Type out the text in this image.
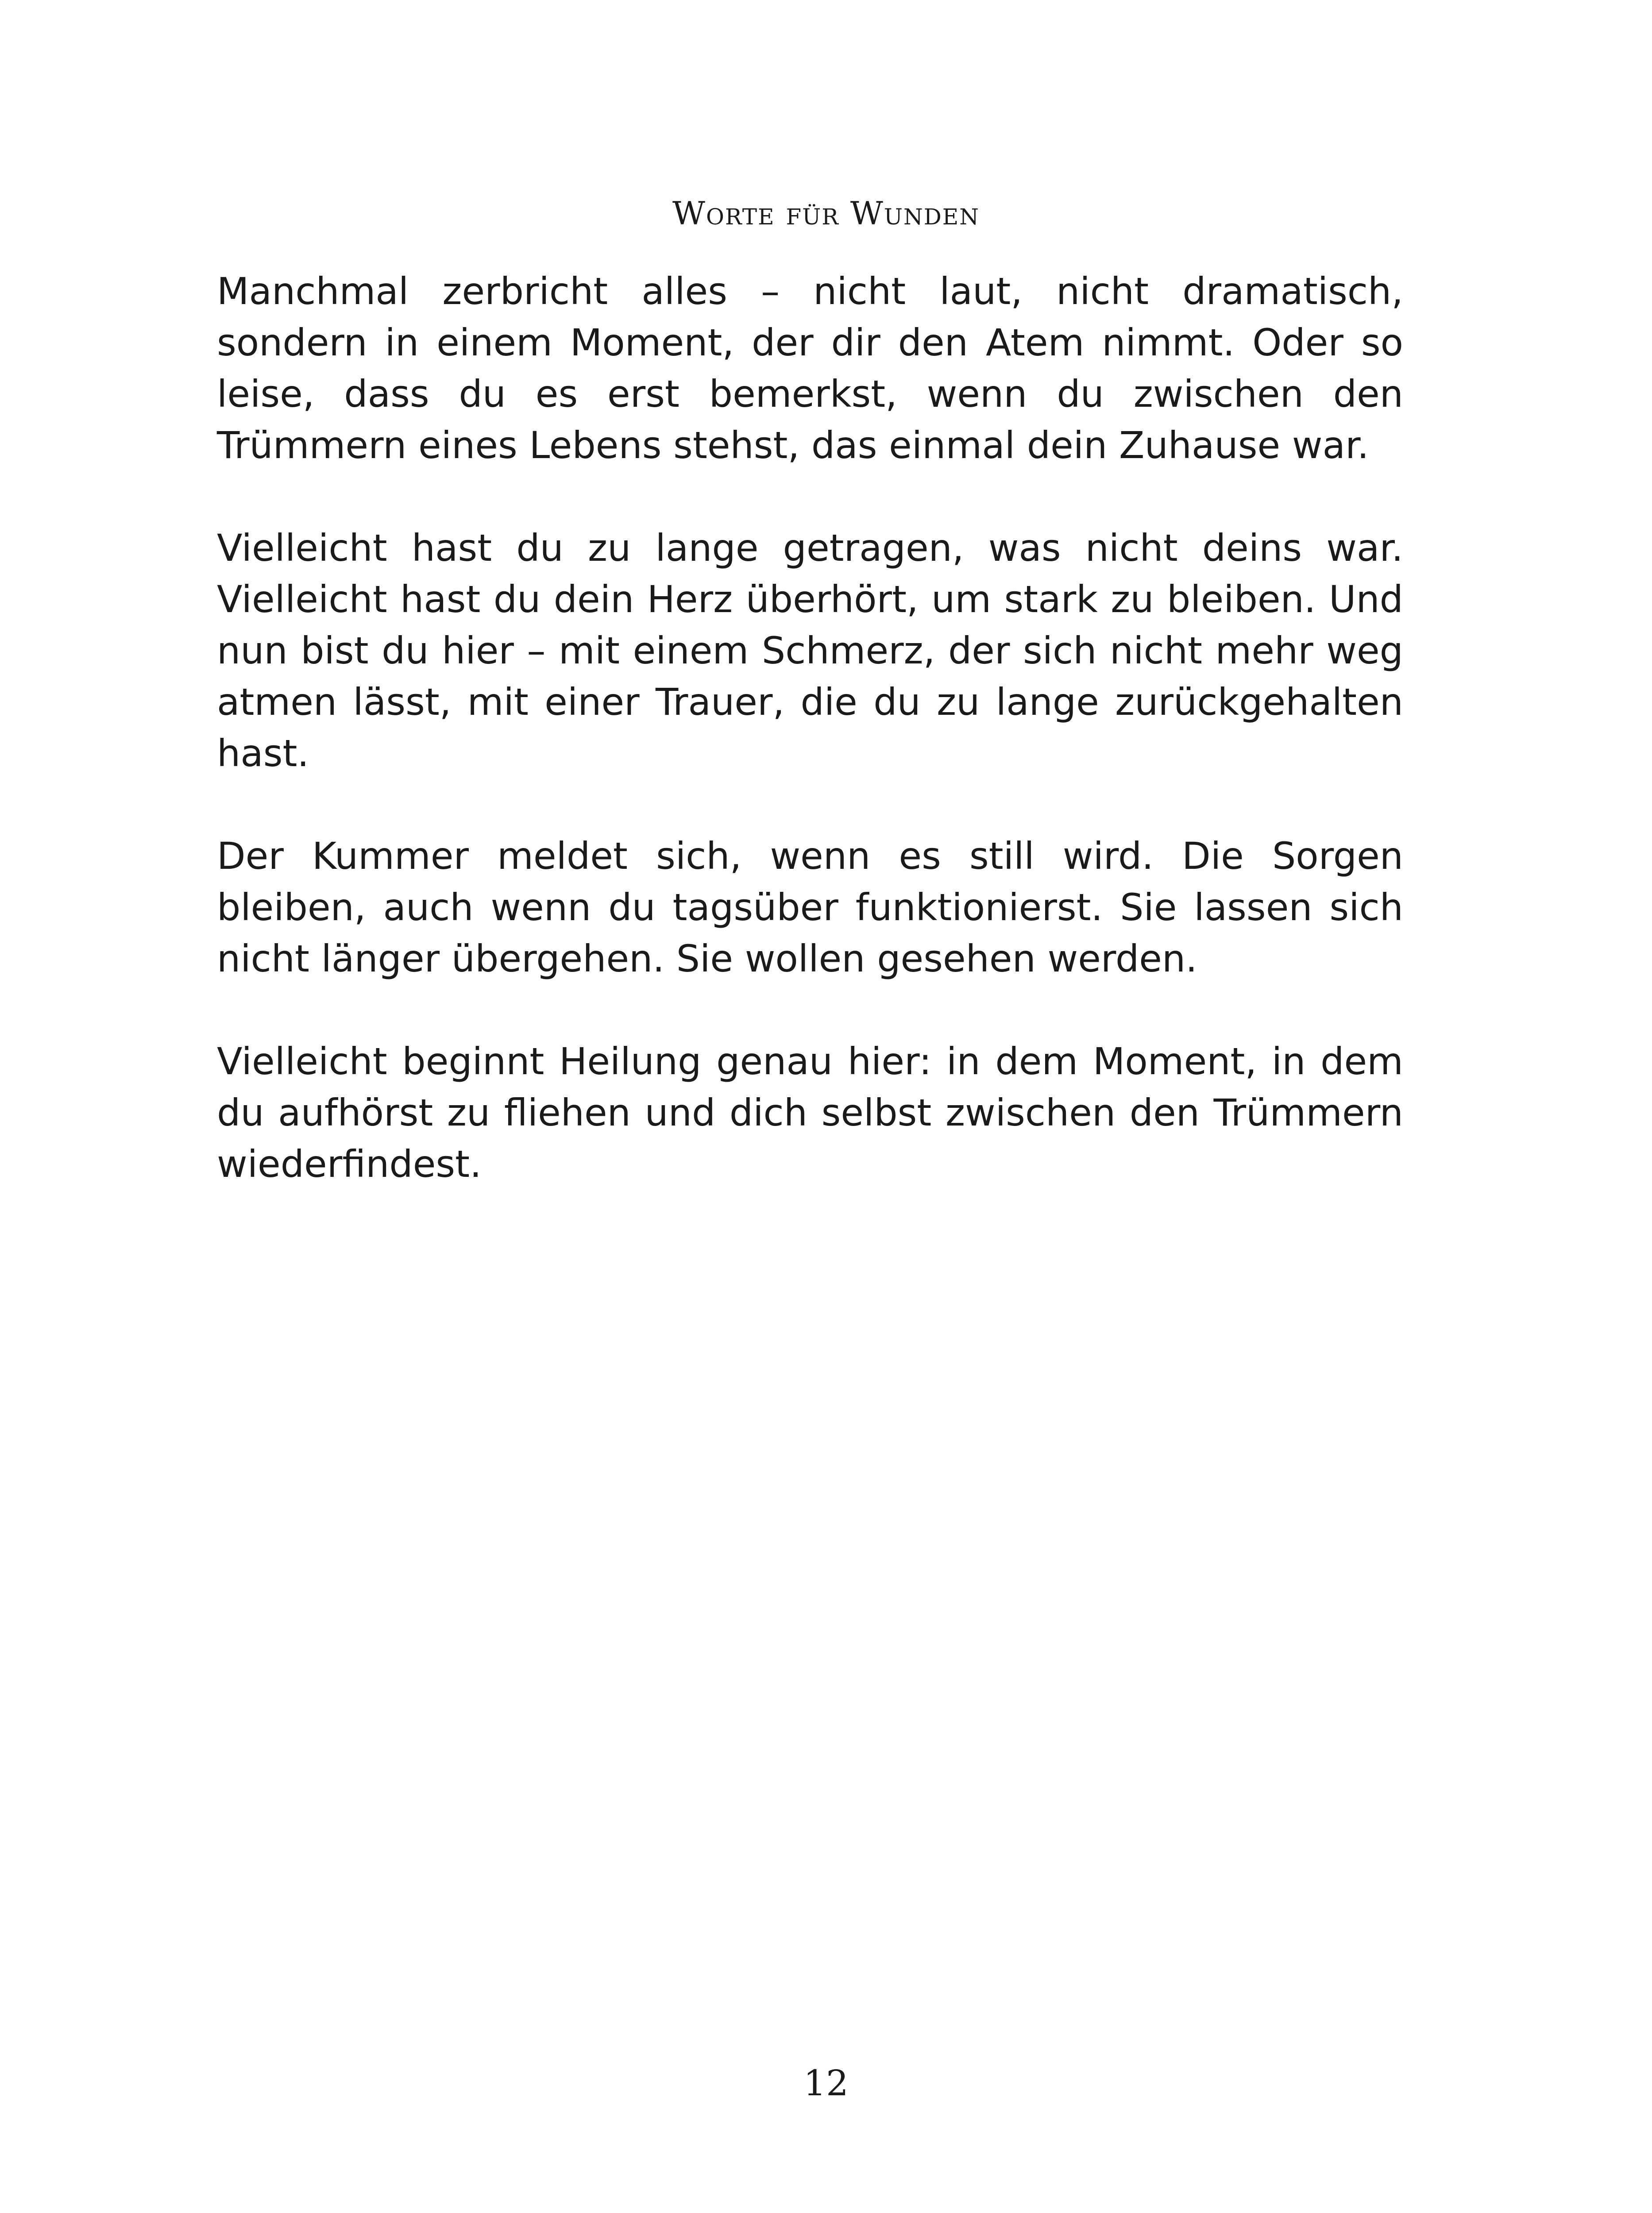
Worte für Wunden

Manchmal zerbricht alles – nicht laut, nicht dramatisch, sondern in einem Moment, der dir den Atem nimmt. Oder so leise, dass du es erst bemerkst, wenn du zwischen den Trümmern eines Lebens stehst, das einmal dein Zuhause war.

Vielleicht hast du zu lange getragen, was nicht deins war. Vielleicht hast du dein Herz überhört, um stark zu bleiben. Und nun bist du hier – mit einem Schmerz, der sich nicht mehr weg atmen lässt, mit einer Trauer, die du zu lange zurückgehalten hast.

Der Kummer meldet sich, wenn es still wird. Die Sorgen bleiben, auch wenn du tagsüber funktionierst. Sie lassen sich nicht länger übergehen. Sie wollen gesehen werden.

Vielleicht beginnt Heilung genau hier: in dem Moment, in dem du aufhörst zu fliehen und dich selbst zwischen den Trümmern wiederfindest.

12
